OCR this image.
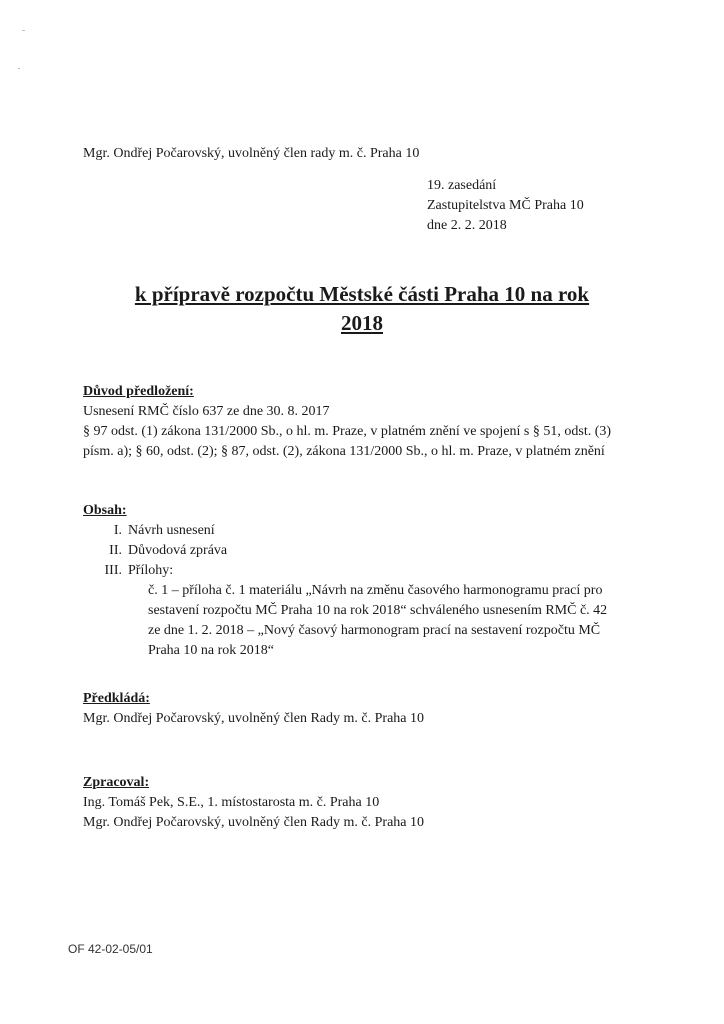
Mgr. Ondřej Počarovský, uvolněný člen rady m. č. Praha 10
19. zasedání
Zastupitelstva MČ Praha 10
dne 2. 2. 2018
k přípravě rozpočtu Městské části Praha 10 na rok
2018
Důvod předložení:
Usnesení RMČ číslo 637 ze dne 30. 8. 2017
§ 97 odst. (1) zákona 131/2000 Sb., o hl. m. Praze, v platném znění ve spojení s § 51, odst. (3)
písm. a); § 60, odst. (2); § 87, odst. (2), zákona 131/2000 Sb., o hl. m. Praze, v platném znění
Obsah:
I. Návrh usnesení
II. Důvodová zpráva
III. Přílohy:
č. 1 – příloha č. 1 materiálu „Návrh na změnu časového harmonogramu prací pro
sestavení rozpočtu MČ Praha 10 na rok 2018“ schváleného usnesením RMČ č. 42
ze dne 1. 2. 2018 – „Nový časový harmonogram prací na sestavení rozpočtu MČ
Praha 10 na rok 2018“
Předkládá:
Mgr. Ondřej Počarovský, uvolněný člen Rady m. č. Praha 10
Zpracoval:
Ing. Tomáš Pek, S.E., 1. místostarosta m. č. Praha 10
Mgr. Ondřej Počarovský, uvolněný člen Rady m. č. Praha 10
OF 42-02-05/01
